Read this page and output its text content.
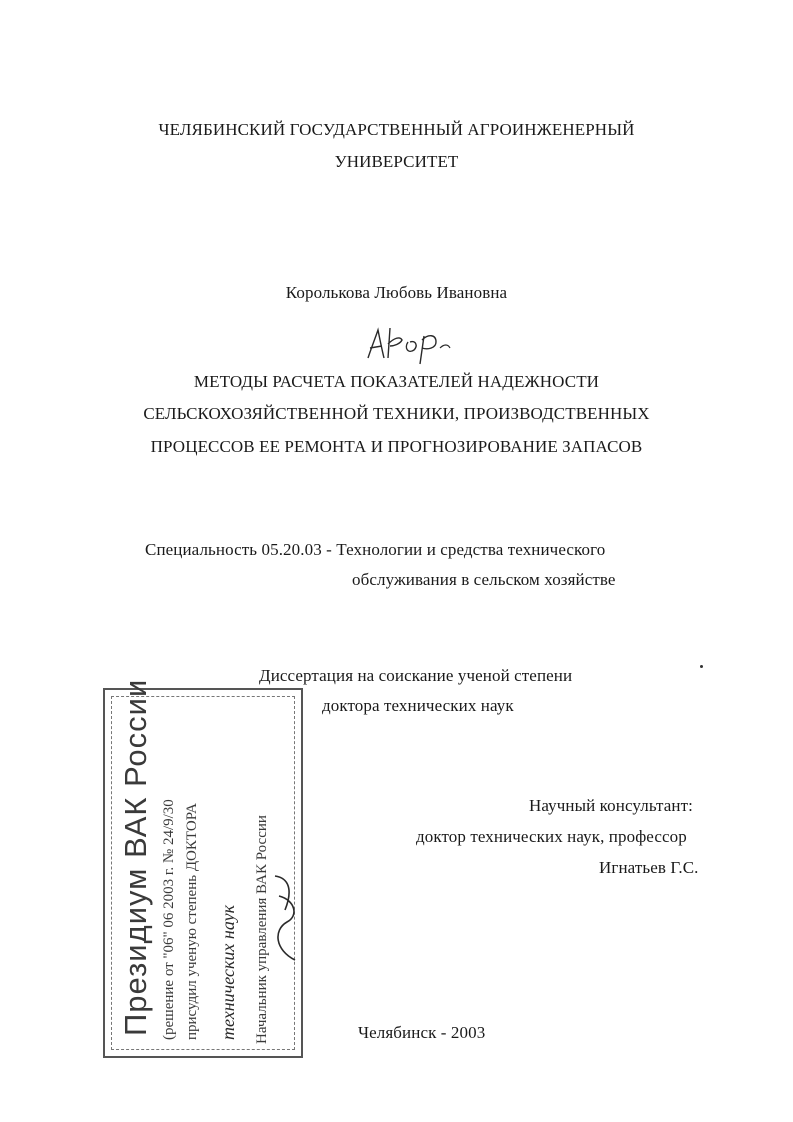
ЧЕЛЯБИНСКИЙ ГОСУДАРСТВЕННЫЙ АГРОИНЖЕНЕРНЫЙ
УНИВЕРСИТЕТ
Королькова Любовь Ивановна
МЕТОДЫ РАСЧЕТА ПОКАЗАТЕЛЕЙ НАДЕЖНОСТИ
СЕЛЬСКОХОЗЯЙСТВЕННОЙ ТЕХНИКИ, ПРОИЗВОДСТВЕННЫХ
ПРОЦЕССОВ ЕЕ РЕМОНТА И ПРОГНОЗИРОВАНИЕ ЗАПАСОВ
Специальность 05.20.03 - Технологии и средства технического
обслуживания в сельском хозяйстве
Диссертация на соискание ученой степени
доктора технических наук
Научный консультант:
доктор технических наук, профессор
Игнатьев Г.С.
Челябинск - 2003
Президиум ВАК России (решение от "06" 06 2003 г. № 24/9/30 присудил ученую степень ДОКТОРА технических наук Начальник управления ВАК России
